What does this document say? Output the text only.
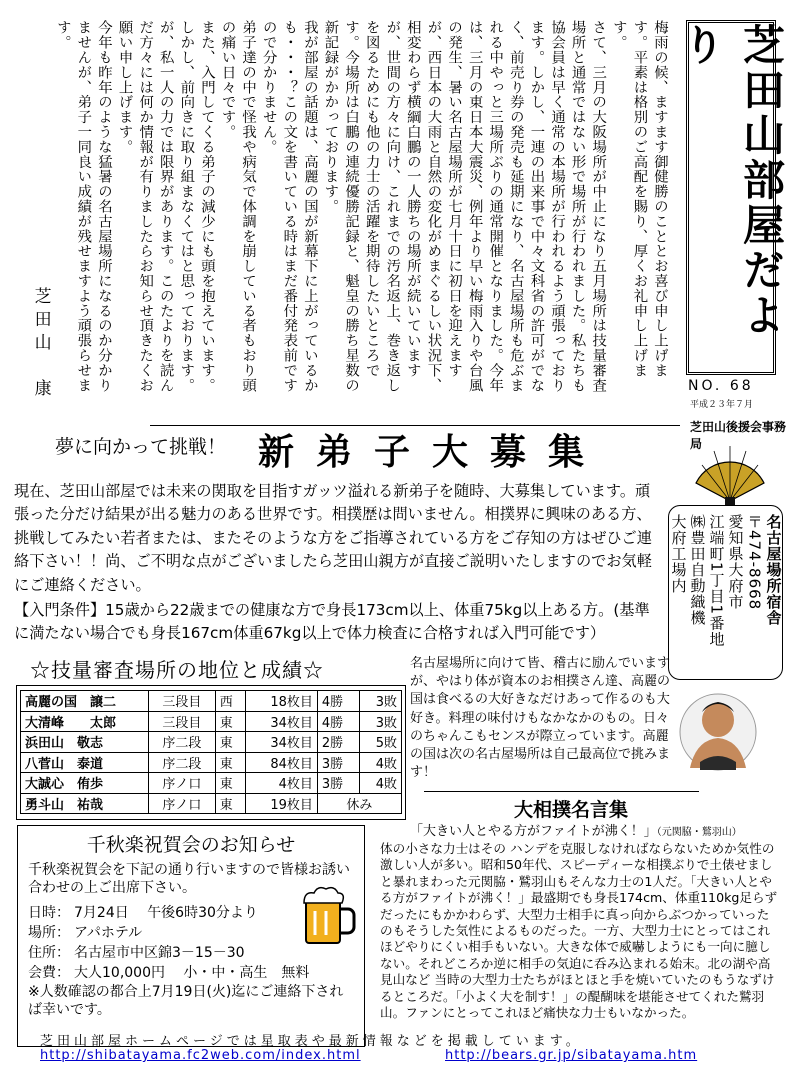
梅雨の候、ますます御健勝のこととお喜び申し上げます。平素は格別のご高配を賜り、厚くお礼申し上げます。

さて、三月の大阪場所が中止になり五月場所は技量審査場所と通常ではない形で場所が行われました。私たちも協会員は早く通常の本場所が行われるよう頑張っております。しかし、一連の出来事で中々文科省の許可がでなく、前売り券の発売も延期になり、名古屋場所も危ぶまれる中やっと三場所ぶりの通常開催となりました。今年は、三月の東日本大震災、例年より早い梅雨入りや台風の発生、暑い名古屋場所が七月十日に初日を迎えますが、西日本の大雨と自然の変化がめまぐるしい状況下、相変わらず横綱白鵬の一人勝ちの場所が続いていますが、世間の方々に向け、これまでの汚名返上、巻き返しを図るためにも他の力士の活躍を期待したいところです。今場所は白鵬の連続優勝記録と、魁皇の勝ち星数の新記録がかかっております。

我が部屋の話題は、高麗の国が新幕下に上がっているかも・・・？この文を書いている時はまだ番付発表前ですので分かりません。

弟子達の中で怪我や病気で体調を崩している者もおり頭の痛い日々です。

また、入門してくる弟子の減少にも頭を抱えています。しかし、前向きに取り組まなくてはと思っております。が、私一人の力では限界があります。このたよりを読んだ方々には何か情報が有りましたらお知らせ頂きたくお願い申し上げます。

今年も昨年のような猛暑の名古屋場所になるのか分かりませんが、弟子一同良い成績が残せますよう頑張らせます。

芝田山　康
芝田山部屋だより
NO. 68
平成２３年７月
芝田山後援会事務局
夢に向かって挑戦！ 新弟子大募集

現在、芝田山部屋では未来の関取を目指すガッツ溢れる新弟子を随時、大募集しています。頑張った分だけ結果が出る魅力のある世界です。相撲歴は問いません。相撲界に興味のある方、挑戦してみたい若者または、またそのような方をご指導されている方をご存知の方はぜひご連絡下さい！！尚、ご不明な点がございましたら芝田山親方が直接ご説明いたしますのでお気軽にご連絡ください。

【入門条件】15歳から22歳までの健康な方で身長173cm以上、体重75kg以上ある方。(基準に満たない場合でも身長167cm体重67kg以上で体力検査に合格すれば入門可能です）

名古屋場所宿舎
〒474-8668
愛知県大府市
江端町1丁目1番地
㈱豊田自動織機
大府工場内
☆技量審査場所の地位と成績☆
高麗の国　譲二	三段目	西	18枚目	4勝	3敗
大清峰　　太郎	三段目	東	34枚目	4勝	3敗
浜田山　敬志	序二段	東	34枚目	2勝	5敗
八菅山　泰道	序二段	東	84枚目	3勝	4敗
大誠心　侑歩	序ノ口	東	4枚目	3勝	4敗
勇斗山　祐哉	序ノ口	東	19枚目	休み	
名古屋場所に向けて皆、稽古に励んでいますが、やはり体が資本のお相撲さん達、高麗の国は食べるの大好きなだけあって作るのも大好き。料理の味付けもなかなかのもの。日々のちゃんこもセンスが際立っています。高麗の国は次の名古屋場所は自己最高位で挑みます！
千秋楽祝賀会のお知らせ
千秋楽祝賀会を下記の通り行いますので皆様お誘い合わせの上ご出席下さい。
日時： 7月24日　 午後6時30分より
場所： アパホテル
住所： 名古屋市中区錦3－15－30
会費： 大人10,000円　 小・中・高生　無料
※人数確認の都合上7月19日(火)迄にご連絡下されば幸いです。
大相撲名言集
「大きい人とやる方がファイトが沸く！」（元関脇・鷲羽山）
体の小さな力士はその ハンデを克服しなければならないためか気性の激しい人が多い。昭和50年代、スピーディーな相撲ぶりで土俵せましと暴れまわった元関脇・鷲羽山もそんな力士の1人だ。「大きい人とやる方がファイトが沸く！」最盛期でも身長174cm、体重110kg足らずだったにもかかわらず、大型力士相手に真っ向からぶつかっていったのもそうした気性によるものだった。一方、大型力士にとってはこれほどやりにくい相手もいない。大きな体で威嚇しようにも一向に臆しない。それどころか逆に相手の気迫に呑み込まれる始末。北の湖や高見山など 当時の大型力士たちがほとほと手を焼いていたのもうなずけるところだ。「小よく大を制す！」の醍醐味を堪能させてくれた鷲羽山。ファンにとってこれほど痛快な力士もいなかった。
芝田山部屋ホームページでは星取表や最新情報などを掲載しています。
http://shibatayama.fc2web.com/index.html	http://bears.gr.jp/sibatayama.htm
